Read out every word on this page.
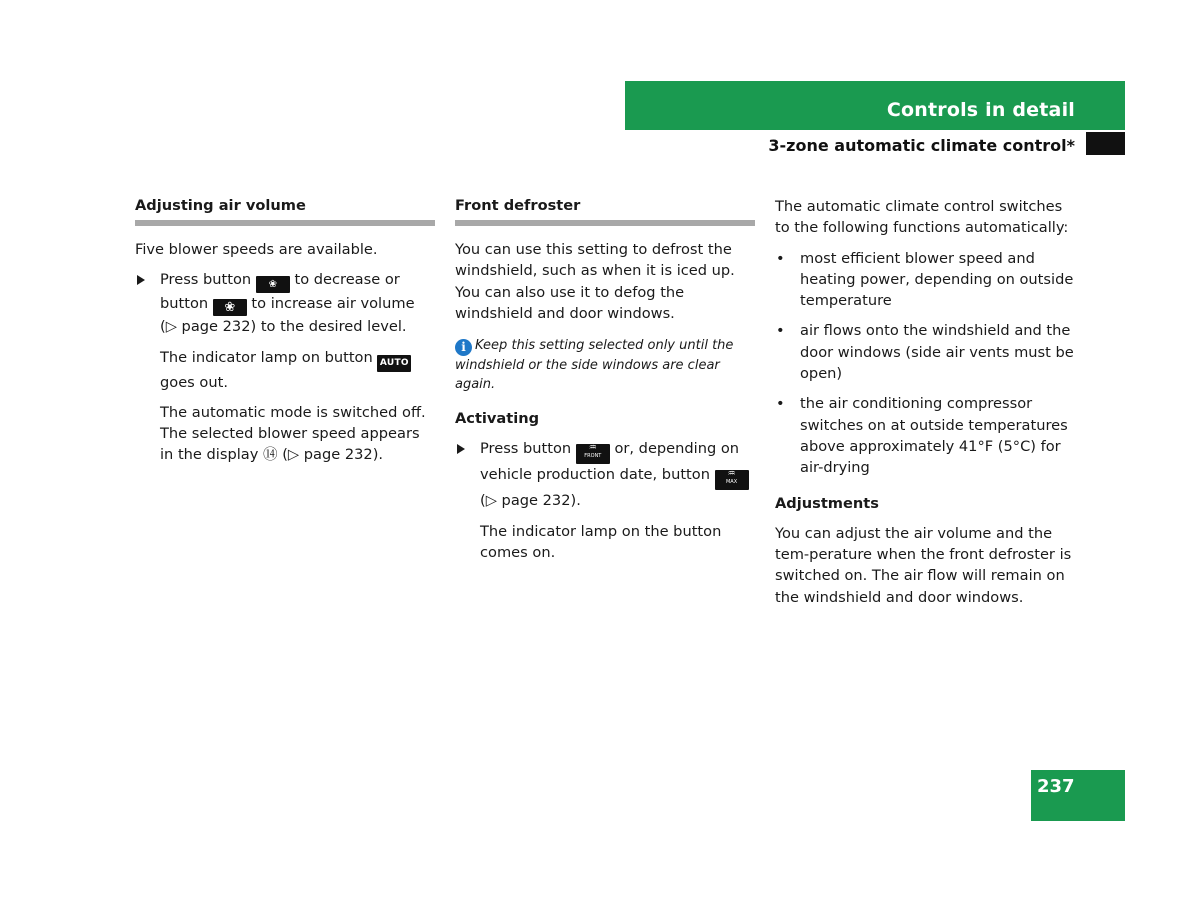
Controls in detail
3-zone automatic climate control*
Adjusting air volume

Five blower speeds are available.

Press button ❀ to decrease or button ❀ to increase air volume (▷ page 232) to the desired level.
The indicator lamp on button AUTO goes out.
The automatic mode is switched off. The selected blower speed appears in the display ⑭ (▷ page 232).
Front defroster

You can use this setting to defrost the windshield, such as when it is iced up. You can also use it to defog the windshield and door windows.

i Keep this setting selected only until the windshield or the side windows are clear again.
Activating
Press button ♒
FRONT or, depending on vehicle production date, button ♒
MAX
(▷ page 232).
The indicator lamp on the button comes on.

The automatic climate control switches to the following functions automatically:

• most efficient blower speed and heating power, depending on outside temperature
• air flows onto the windshield and the door windows (side air vents must be open)
• the air conditioning compressor switches on at outside temperatures above approximately 41°F (5°C) for air-drying
Adjustments

You can adjust the air volume and the tem-perature when the front defroster is switched on. The air flow will remain on the windshield and door windows.

237
